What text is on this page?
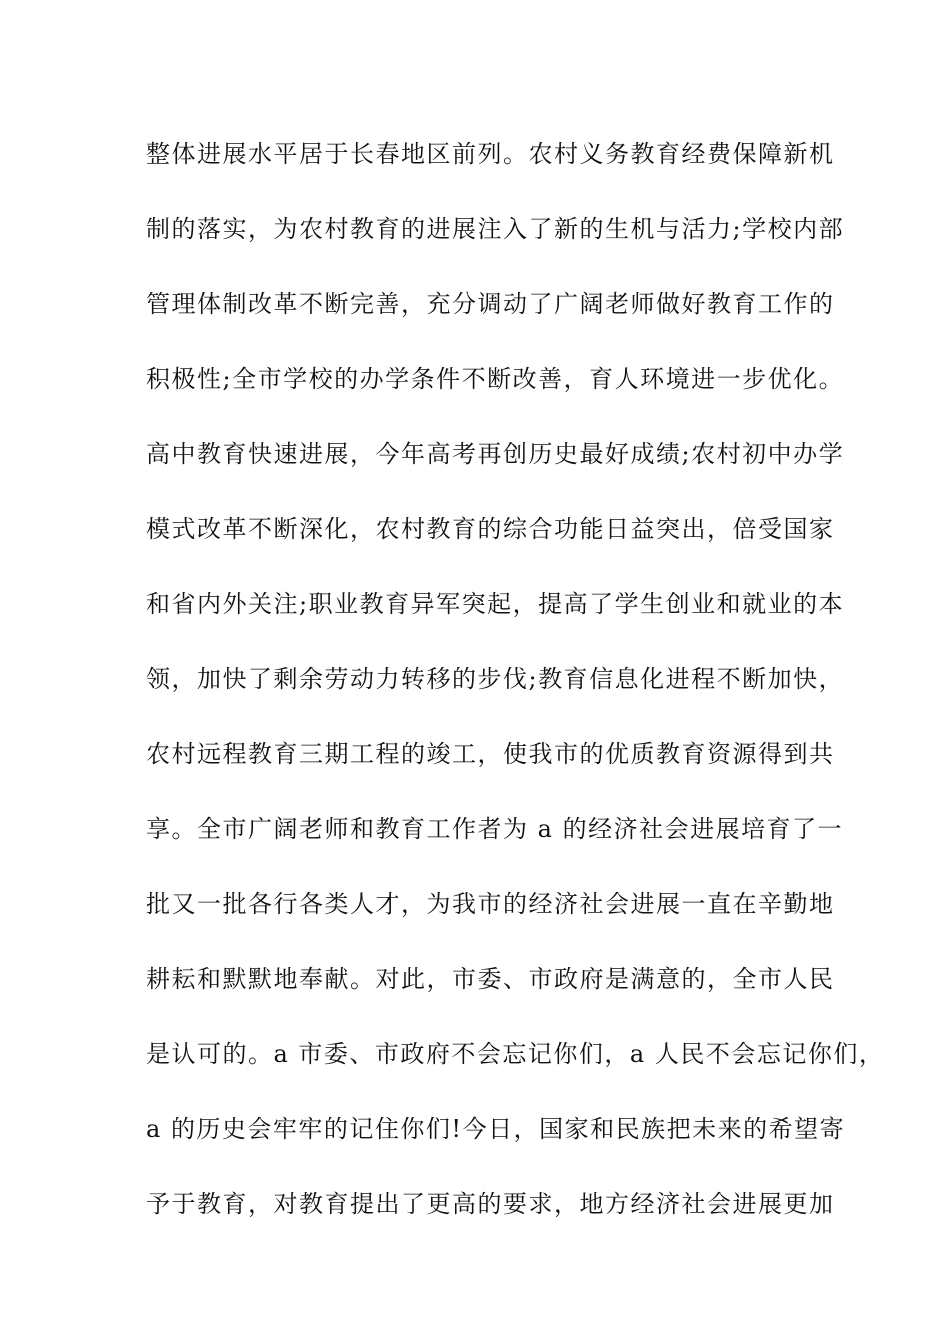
整体进展水平居于长春地区前列。农村义务教育经费保障新机
制的落实，为农村教育的进展注入了新的生机与活力;学校内部
管理体制改革不断完善，充分调动了广阔老师做好教育工作的
积极性;全市学校的办学条件不断改善，育人环境进一步优化。
高中教育快速进展，今年高考再创历史最好成绩;农村初中办学
模式改革不断深化，农村教育的综合功能日益突出，倍受国家
和省内外关注;职业教育异军突起，提高了学生创业和就业的本
领，加快了剩余劳动力转移的步伐;教育信息化进程不断加快，
农村远程教育三期工程的竣工，使我市的优质教育资源得到共
享。全市广阔老师和教育工作者为 a 的经济社会进展培育了一
批又一批各行各类人才，为我市的经济社会进展一直在辛勤地
耕耘和默默地奉献。对此，市委、市政府是满意的，全市人民
是认可的。a 市委、市政府不会忘记你们，a 人民不会忘记你们，
a 的历史会牢牢的记住你们!今日，国家和民族把未来的希望寄
予于教育，对教育提出了更高的要求，地方经济社会进展更加
